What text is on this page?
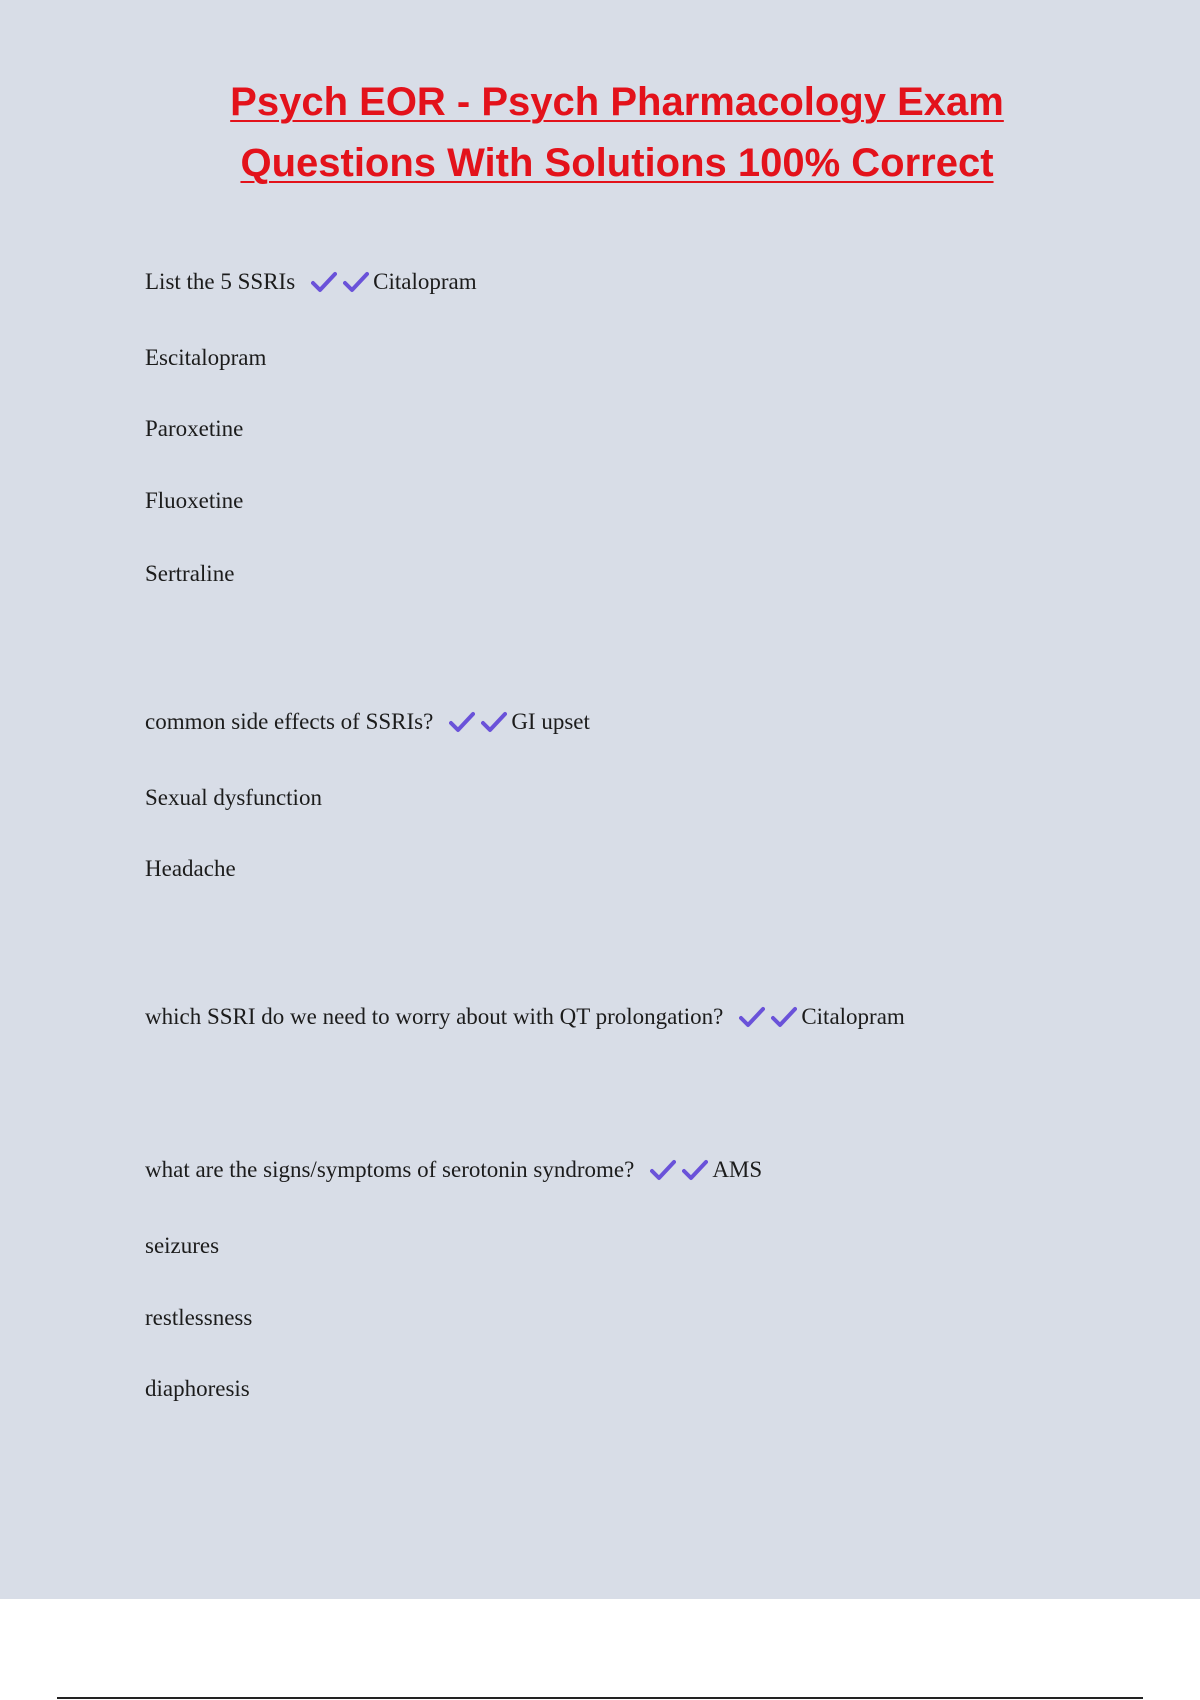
Psych EOR - Psych Pharmacology Exam
Questions With Solutions 100% Correct

List the 5 SSRIs	Citalopram

Escitalopram

Paroxetine

Fluoxetine

Sertraline

common side effects of SSRIs?	GI upset

Sexual dysfunction

Headache

which SSRI do we need to worry about with QT prolongation?	Citalopram

what are the signs/symptoms of serotonin syndrome?	AMS

seizures

restlessness

diaphoresis
